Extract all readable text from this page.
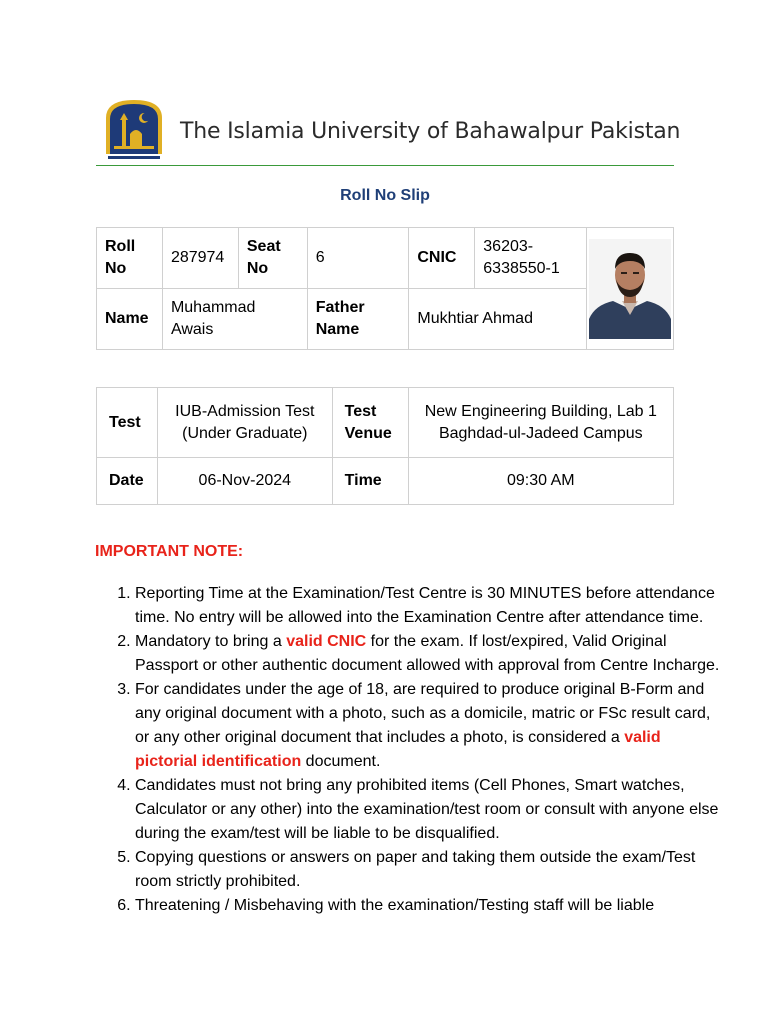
The Islamia University of Bahawalpur Pakistan
Roll No Slip
Roll No	287974	Seat No	6	CNIC	36203-6338550-1	

Name	Muhammad Awais		Father Name	Mukhtiar Ahmad		
Test	IUB-Admission Test (Under Graduate)	Test Venue	New Engineering Building, Lab 1 Baghdad-ul-Jadeed Campus
Date	06-Nov-2024	Time	09:30 AM
IMPORTANT NOTE:
1. Reporting Time at the Examination/Test Centre is 30 MINUTES before attendance time. No entry will be allowed into the Examination Centre after attendance time.
2. Mandatory to bring a valid CNIC for the exam. If lost/expired, Valid Original Passport or other authentic document allowed with approval from Centre Incharge.
3. For candidates under the age of 18, are required to produce original B-Form and any original document with a photo, such as a domicile, matric or FSc result card, or any other original document that includes a photo, is considered a valid pictorial identification document.
4. Candidates must not bring any prohibited items (Cell Phones, Smart watches, Calculator or any other) into the examination/test room or consult with anyone else during the exam/test will be liable to be disqualified.
5. Copying questions or answers on paper and taking them outside the exam/Test room strictly prohibited.
6. Threatening / Misbehaving with the examination/Testing staff will be liable
